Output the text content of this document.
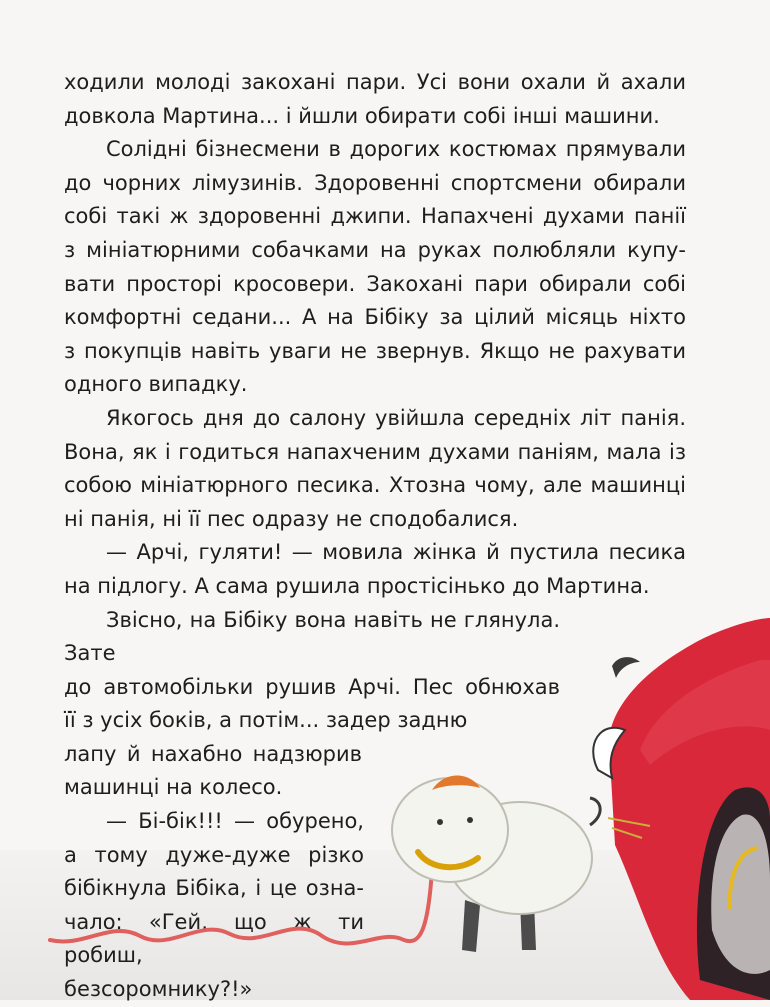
ходили молоді закохані пари. Усі вони охали й ахали

довкола Мартина... і йшли обирати собі інші машини.

Солідні бізнесмени в дорогих костюмах прямували

до чорних лімузинів. Здоровенні спортсмени обирали

собі такі ж здоровенні джипи. Напахчені духами панії

з мініатюрними собачками на руках полюбляли купу-

вати просторі кросовери. Закохані пари обирали собі

комфортні седани... А на Бібіку за цілий місяць ніхто

з покупців навіть уваги не звернув. Якщо не рахувати

одного випадку.

Якогось дня до салону увійшла середніх літ панія.

Вона, як і годиться напахченим духами паніям, мала із

собою мініатюрного песика. Хтозна чому, але машинці

ні панія, ні її пес одразу не сподобалися.

— Арчі, гуляти! — мовила жінка й пустила песика

на підлогу. А сама рушила простісінько до Мартина.

Звісно, на Бібіку вона навіть не глянула. Зате

до автомобільки рушив Арчі. Пес обнюхав

її з усіх боків, а потім... задер задню

лапу й нахабно надзюрив

машинці на колесо.

— Бі-бік!!! — обурено,

а тому дуже-дуже різко

бібікнула Бібіка, і це озна-

чало: «Гей, що ж ти робиш,

безсоромнику?!»
